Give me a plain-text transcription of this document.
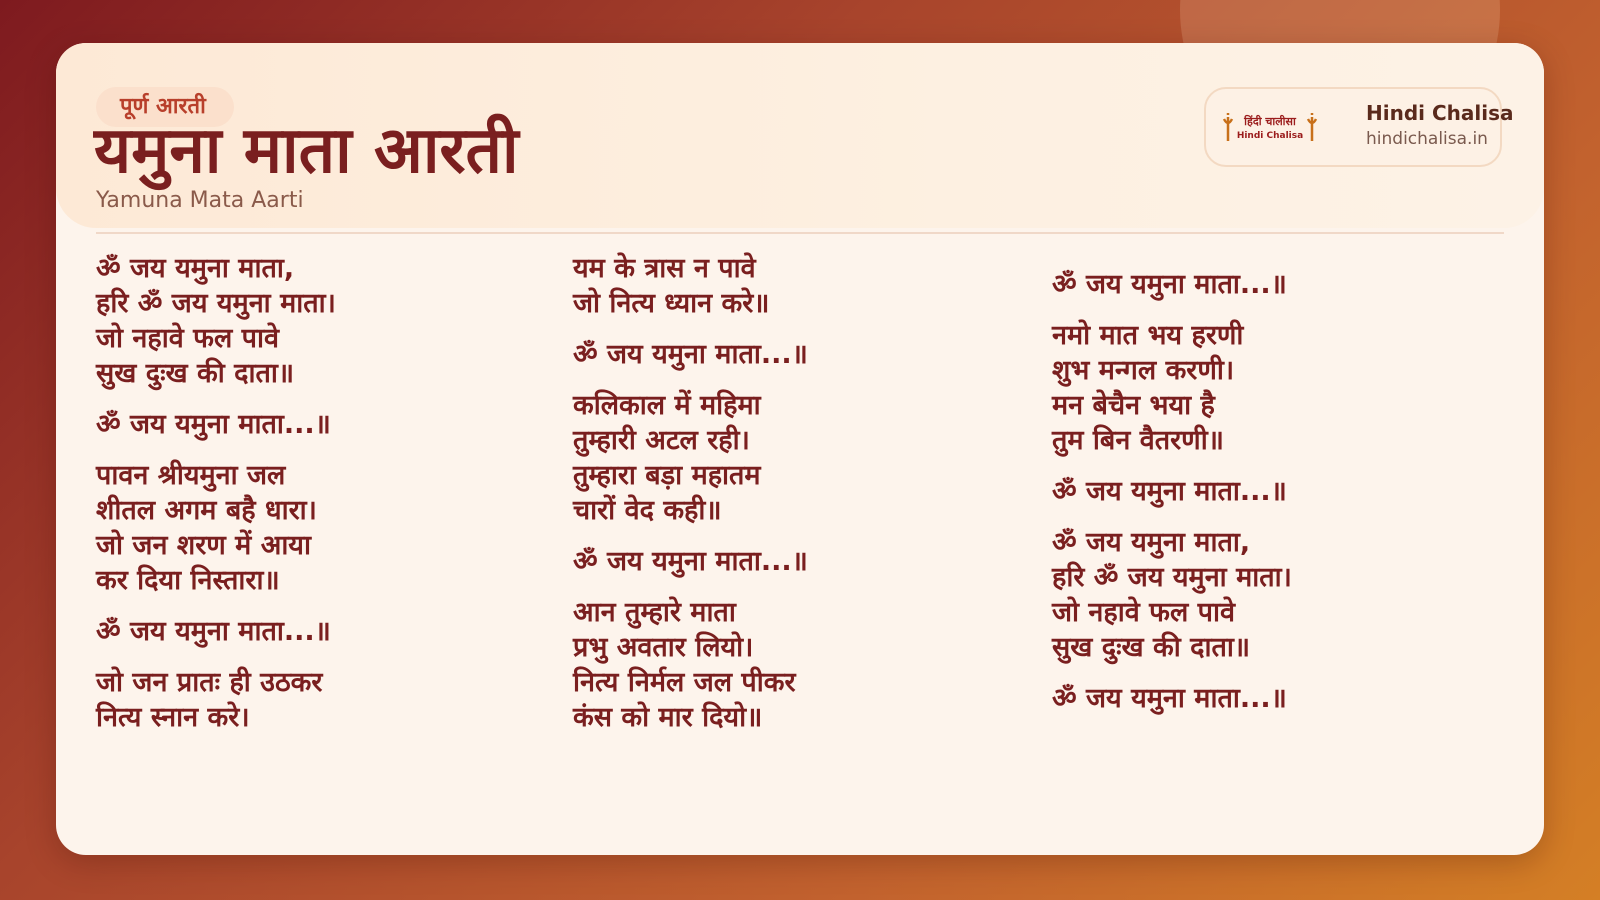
पूर्ण आरती
यमुना माता आरती
Yamuna Mata Aarti
हिंदी चालीसा
Hindi Chalisa
Hindi Chalisa
hindichalisa.in
ॐ जय यमुना माता,
हरि ॐ जय यमुना माता।
जो नहावे फल पावे
सुख दुःख की दाता॥
ॐ जय यमुना माता...॥
पावन श्रीयमुना जल
शीतल अगम बहै धारा।
जो जन शरण में आया
कर दिया निस्तारा॥
ॐ जय यमुना माता...॥
जो जन प्रातः ही उठकर
नित्य स्नान करे।
यम के त्रास न पावे
जो नित्य ध्यान करे॥
ॐ जय यमुना माता...॥
कलिकाल में महिमा
तुम्हारी अटल रही।
तुम्हारा बड़ा महातम
चारों वेद कही॥
ॐ जय यमुना माता...॥
आन तुम्हारे माता
प्रभु अवतार लियो।
नित्य निर्मल जल पीकर
कंस को मार दियो॥
ॐ जय यमुना माता...॥
नमो मात भय हरणी
शुभ मन्गल करणी।
मन बेचैन भया है
तुम बिन वैतरणी॥
ॐ जय यमुना माता...॥
ॐ जय यमुना माता,
हरि ॐ जय यमुना माता।
जो नहावे फल पावे
सुख दुःख की दाता॥
ॐ जय यमुना माता...॥
